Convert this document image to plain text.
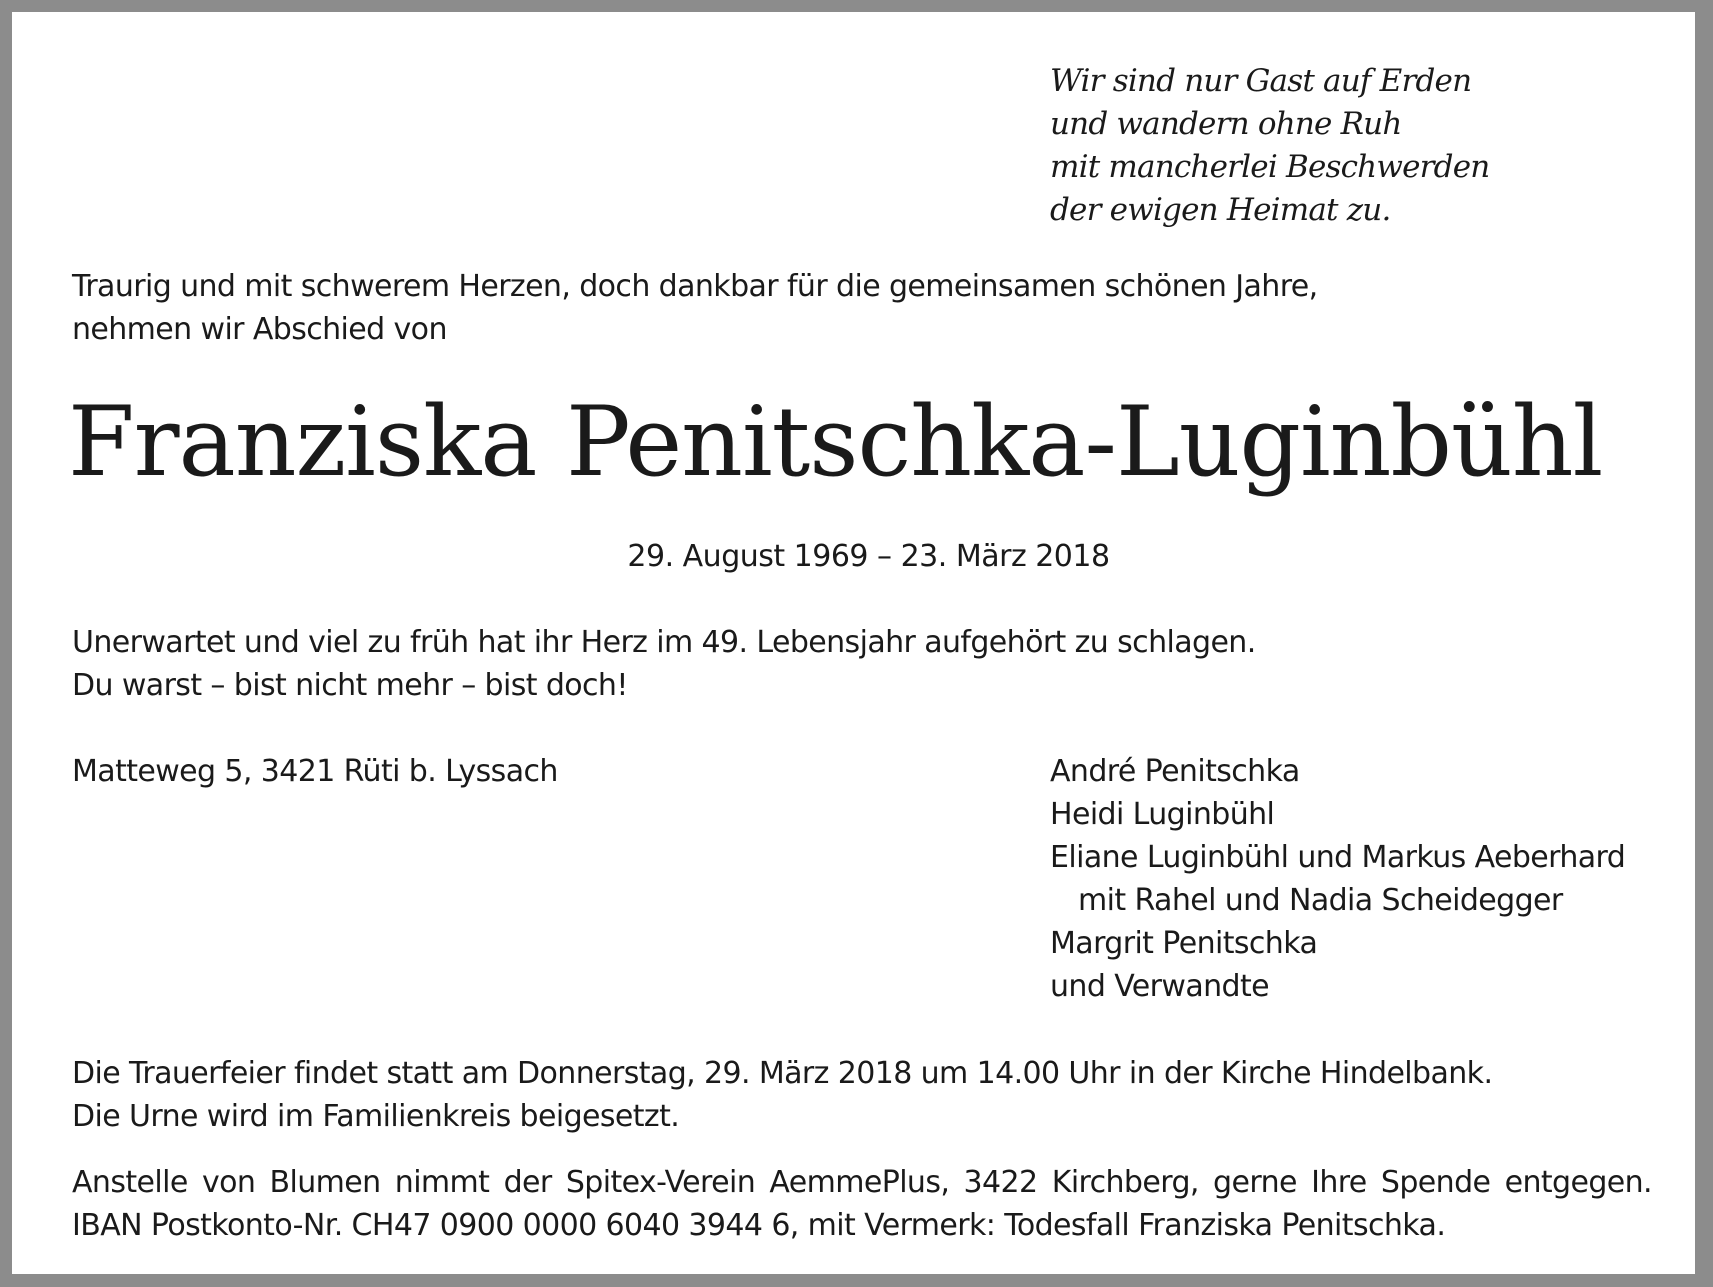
Wir sind nur Gast auf Erden
und wandern ohne Ruh
mit mancherlei Beschwerden
der ewigen Heimat zu.
Traurig und mit schwerem Herzen, doch dankbar für die gemeinsamen schönen Jahre,
nehmen wir Abschied von
Franziska Penitschka-Luginbühl
29. August 1969 – 23. März 2018
Unerwartet und viel zu früh hat ihr Herz im 49. Lebensjahr aufgehört zu schlagen.
Du warst – bist nicht mehr – bist doch!
Matteweg 5, 3421 Rüti b. Lyssach	André Penitschka
Heidi Luginbühl
Eliane Luginbühl und Markus Aeberhard
mit Rahel und Nadia Scheidegger
Margrit Penitschka
und Verwandte
Die Trauerfeier findet statt am Donnerstag, 29. März 2018 um 14.00 Uhr in der Kirche Hindelbank.
Die Urne wird im Familienkreis beigesetzt.
Anstelle von Blumen nimmt der Spitex-Verein AemmePlus, 3422 Kirchberg, gerne Ihre Spende entgegen.
IBAN Postkonto-Nr. CH47 0900 0000 6040 3944 6, mit Vermerk: Todesfall Franziska Penitschka.
